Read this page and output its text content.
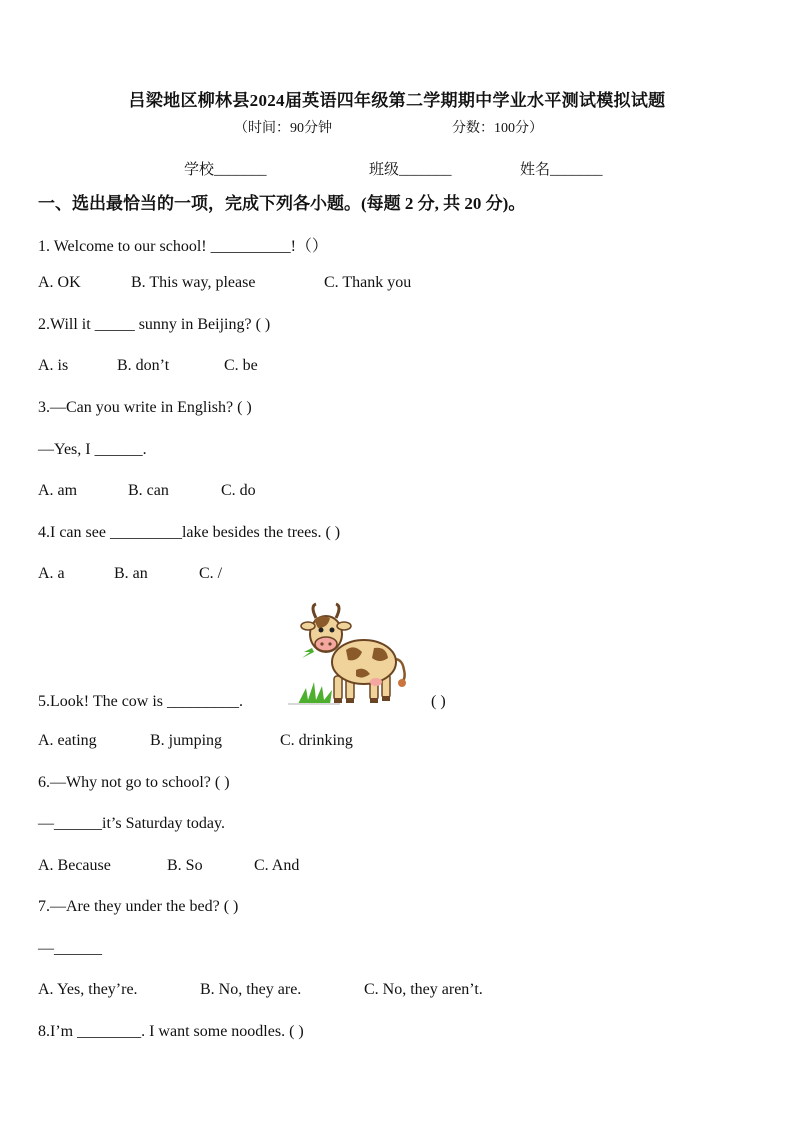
吕梁地区柳林县2024届英语四年级第二学期期中学业水平测试模拟试题
（时间：90分钟	分数：100分）
学校_______	班级_______	姓名_______
一、选出最恰当的一项，完成下列各小题。(每题 2 分, 共 20 分)。
1. Welcome to our school! __________!（）
A. OK	B. This way, please	C. Thank you
2.Will it _____ sunny in Beijing? ( )
A. is	B. don’t	C. be
3.—Can you write in English? ( )
—Yes, I ______.
A. am	B. can	C. do
4.I can see _________lake besides the trees. ( )
A. a	B. an	C. /
5.Look! The cow is _________.	( )
A. eating	B. jumping	C. drinking
6.—Why not go to school? ( )
—______it’s Saturday today.
A. Because	B. So	C. And
7.—Are they under the bed? ( )
—______
A. Yes, they’re.	B. No, they are.	C. No, they aren’t.
8.I’m ________. I want some noodles. ( )
